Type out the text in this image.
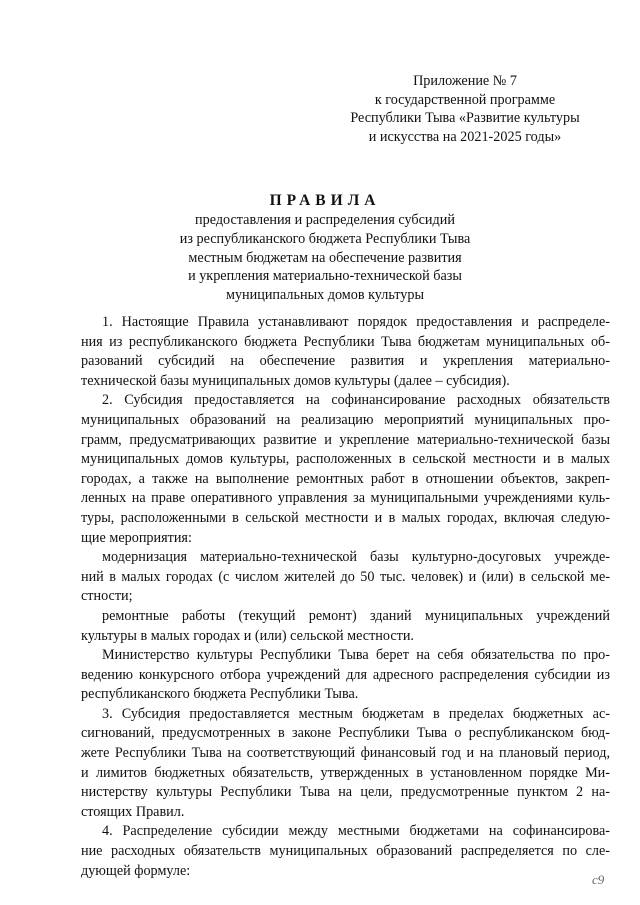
Приложение № 7
к государственной программе
Республики Тыва «Развитие культуры
и искусства на 2021-2025 годы»
ПРАВИЛА
предоставления и распределения субсидий
из республиканского бюджета Республики Тыва
местным бюджетам на обеспечение развития
и укрепления материально-технической базы
муниципальных домов культуры

1. Настоящие Правила устанавливают порядок предоставления и распределе-

ния из республиканского бюджета Республики Тыва бюджетам муниципальных об-

разований субсидий на обеспечение развития и укрепления материально-

технической базы муниципальных домов культуры (далее – субсидия).

2. Субсидия предоставляется на софинансирование расходных обязательств

муниципальных образований на реализацию мероприятий муниципальных про-

грамм, предусматривающих развитие и укрепление материально-технической базы

муниципальных домов культуры, расположенных в сельской местности и в малых

городах, а также на выполнение ремонтных работ в отношении объектов, закреп-

ленных на праве оперативного управления за муниципальными учреждениями куль-

туры, расположенными в сельской местности и в малых городах, включая следую-

щие мероприятия:

модернизация материально-технической базы культурно-досуговых учрежде-

ний в малых городах (с числом жителей до 50 тыс. человек) и (или) в сельской ме-

стности;

ремонтные работы (текущий ремонт) зданий муниципальных учреждений

культуры в малых городах и (или) сельской местности.

Министерство культуры Республики Тыва берет на себя обязательства по про-

ведению конкурсного отбора учреждений для адресного распределения субсидии из

республиканского бюджета Республики Тыва.

3. Субсидия предоставляется местным бюджетам в пределах бюджетных ас-

сигнований, предусмотренных в законе Республики Тыва о республиканском бюд-

жете Республики Тыва на соответствующий финансовый год и на плановый период,

и лимитов бюджетных обязательств, утвержденных в установленном порядке Ми-

нистерству культуры Республики Тыва на цели, предусмотренные пунктом 2 на-

стоящих Правил.

4. Распределение субсидии между местными бюджетами на софинансирова-

ние расходных обязательств муниципальных образований распределяется по сле-

дующей формуле:

c9
